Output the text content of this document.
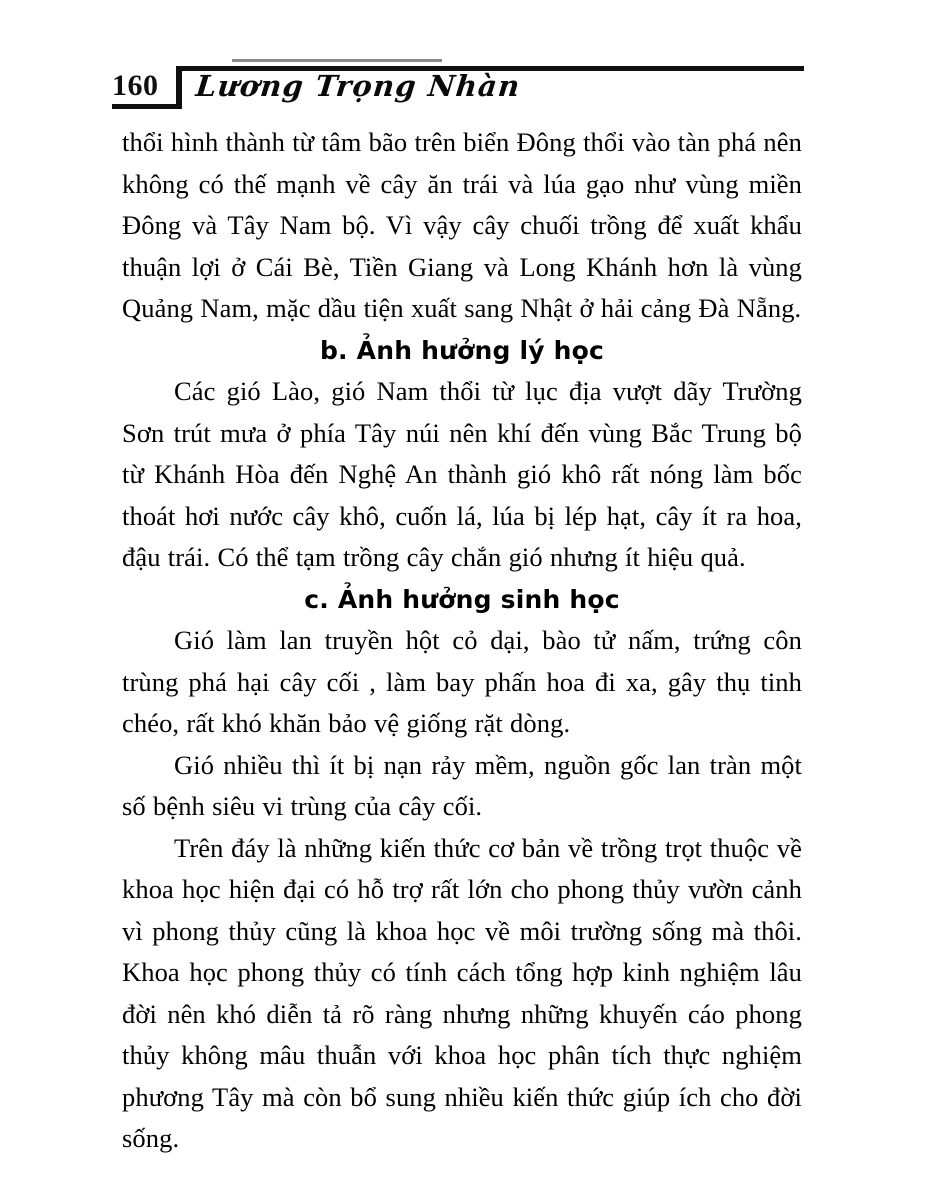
160 Lương Trọng Nhàn

thổi hình thành từ tâm bão trên biển Đông thổi vào tàn phá nên không có thế mạnh về cây ăn trái và lúa gạo như vùng miền Đông và Tây Nam bộ. Vì vậy cây chuối trồng để xuất khẩu thuận lợi ở Cái Bè, Tiền Giang và Long Khánh hơn là vùng Quảng Nam, mặc dầu tiện xuất sang Nhật ở hải cảng Đà Nẵng.

b. Ảnh hưởng lý học

Các gió Lào, gió Nam thổi từ lục địa vượt dãy Trường Sơn trút mưa ở phía Tây núi nên khí đến vùng Bắc Trung bộ từ Khánh Hòa đến Nghệ An thành gió khô rất nóng làm bốc thoát hơi nước cây khô, cuốn lá, lúa bị lép hạt, cây ít ra hoa, đậu trái. Có thể tạm trồng cây chắn gió nhưng ít hiệu quả.

c. Ảnh hưởng sinh học

Gió làm lan truyền hột cỏ dại, bào tử nấm, trứng côn trùng phá hại cây cối , làm bay phấn hoa đi xa, gây thụ tinh chéo, rất khó khăn bảo vệ giống rặt dòng.

Gió nhiều thì ít bị nạn rảy mềm, nguồn gốc lan tràn một số bệnh siêu vi trùng của cây cối.

Trên đáy là những kiến thức cơ bản về trồng trọt thuộc về khoa học hiện đại có hỗ trợ rất lớn cho phong thủy vườn cảnh vì phong thủy cũng là khoa học về môi trường sống mà thôi. Khoa học phong thủy có tính cách tổng hợp kinh nghiệm lâu đời nên khó diễn tả rõ ràng nhưng những khuyến cáo phong thủy không mâu thuẫn với khoa học phân tích thực nghiệm phương Tây mà còn bổ sung nhiều kiến thức giúp ích cho đời sống.
